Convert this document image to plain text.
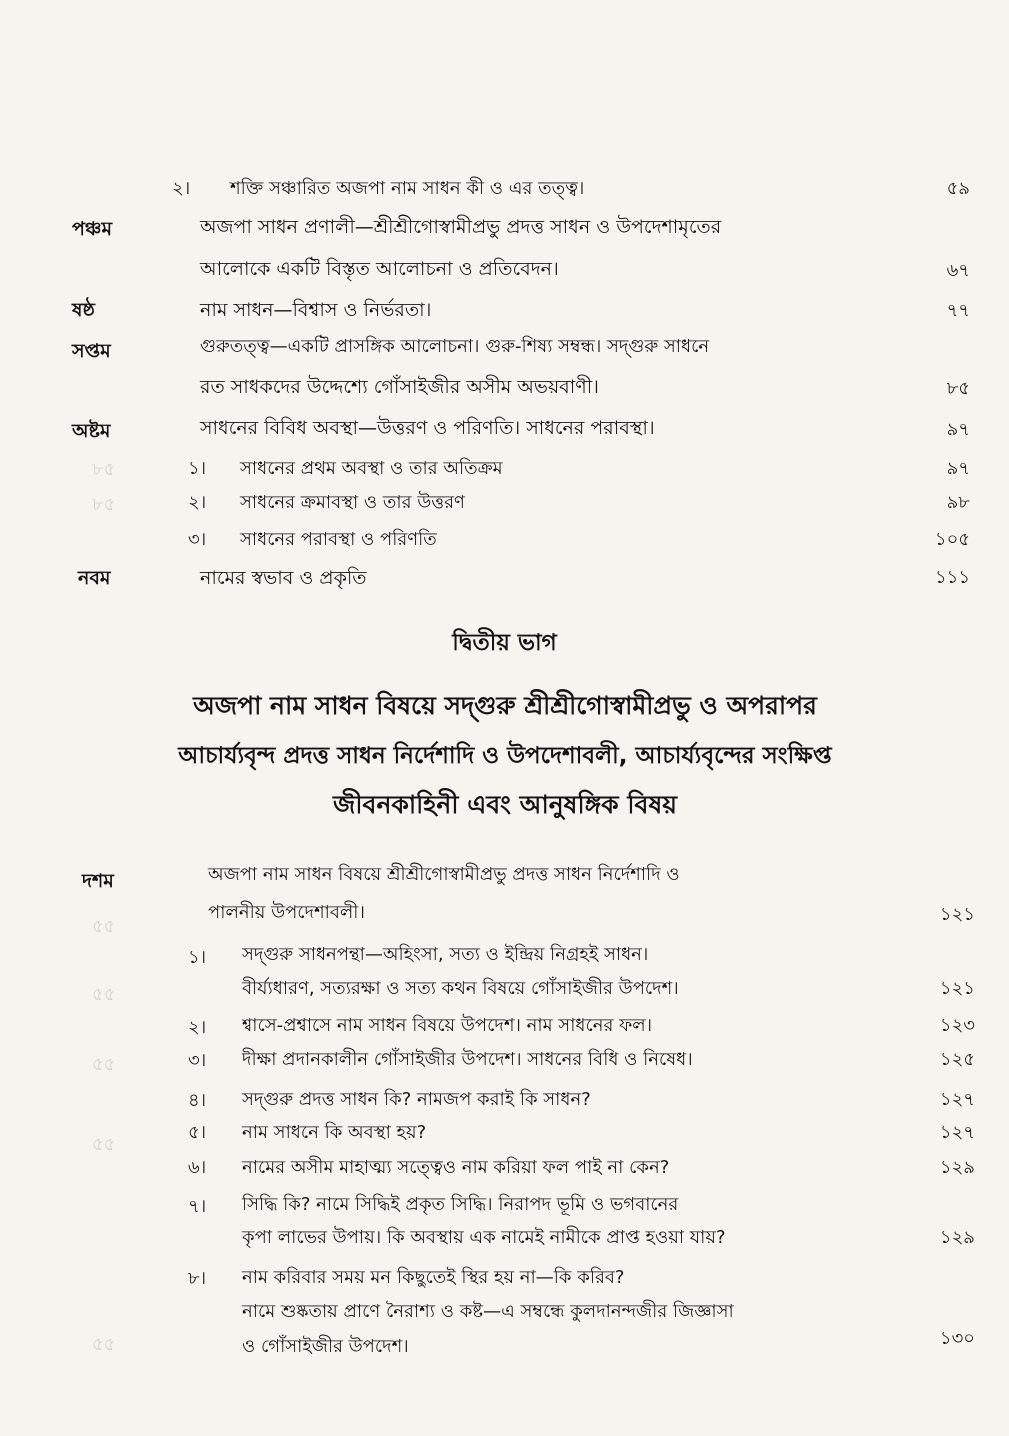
৮৫
৮৫
৫৫
৫৫
৫৫
৫৫
৫৫
২। শক্তি সঞ্চারিত অজপা নাম সাধন কী ও এর তত্ত্ব।	৫৯
পঞ্চম	অজপা সাধন প্রণালী—শ্রীশ্রীগোস্বামীপ্রভু প্রদত্ত সাধন ও উপদেশামৃতের
আলোকে একটি বিস্তৃত আলোচনা ও প্রতিবেদন।	৬৭
ষষ্ঠ	নাম সাধন—বিশ্বাস ও নির্ভরতা।	৭৭
সপ্তম	গুরুতত্ত্ব—একটি প্রাসঙ্গিক আলোচনা। গুরু-শিষ্য সম্বন্ধ। সদ্গুরু সাধনে
রত সাধকদের উদ্দেশ্যে গোঁসাইজীর অসীম অভয়বাণী।	৮৫
অষ্টম	সাধনের বিবিধ অবস্থা—উত্তরণ ও পরিণতি। সাধনের পরাবস্থা।	৯৭
১। সাধনের প্রথম অবস্থা ও তার অতিক্রম	৯৭
২। সাধনের ক্রমাবস্থা ও তার উত্তরণ	৯৮
৩। সাধনের পরাবস্থা ও পরিণতি	১০৫
নবম	নামের স্বভাব ও প্রকৃতি	১১১
দ্বিতীয় ভাগ
অজপা নাম সাধন বিষয়ে সদ্গুরু শ্রীশ্রীগোস্বামীপ্রভু ও অপরাপর
আচার্য্যবৃন্দ প্রদত্ত সাধন নির্দেশাদি ও উপদেশাবলী, আচার্য্যবৃন্দের সংক্ষিপ্ত
জীবনকাহিনী এবং আনুষঙ্গিক বিষয়
দশম	অজপা নাম সাধন বিষয়ে শ্রীশ্রীগোস্বামীপ্রভু প্রদত্ত সাধন নির্দেশাদি ও
পালনীয় উপদেশাবলী।	১২১
১। সদ্গুরু সাধনপন্থা—অহিংসা, সত্য ও ইন্দ্রিয় নিগ্রহই সাধন।
বীর্য্যধারণ, সত্যরক্ষা ও সত্য কথন বিষয়ে গোঁসাইজীর উপদেশ।	১২১
২। শ্বাসে-প্রশ্বাসে নাম সাধন বিষয়ে উপদেশ। নাম সাধনের ফল।	১২৩
৩। দীক্ষা প্রদানকালীন গোঁসাইজীর উপদেশ। সাধনের বিধি ও নিষেধ।	১২৫
৪। সদ্গুরু প্রদত্ত সাধন কি? নামজপ করাই কি সাধন?	১২৭
৫। নাম সাধনে কি অবস্থা হয়?	১২৭
৬। নামের অসীম মাহাত্ম্য সত্ত্বেও নাম করিয়া ফল পাই না কেন?	১২৯
৭। সিদ্ধি কি? নামে সিদ্ধিই প্রকৃত সিদ্ধি। নিরাপদ ভূমি ও ভগবানের
কৃপা লাভের উপায়। কি অবস্থায় এক নামেই নামীকে প্রাপ্ত হওয়া যায়?	১২৯
৮। নাম করিবার সময় মন কিছুতেই স্থির হয় না—কি করিব?
নামে শুষ্কতায় প্রাণে নৈরাশ্য ও কষ্ট—এ সম্বন্ধে কুলদানন্দজীর জিজ্ঞাসা
ও গোঁসাইজীর উপদেশ।	১৩০
